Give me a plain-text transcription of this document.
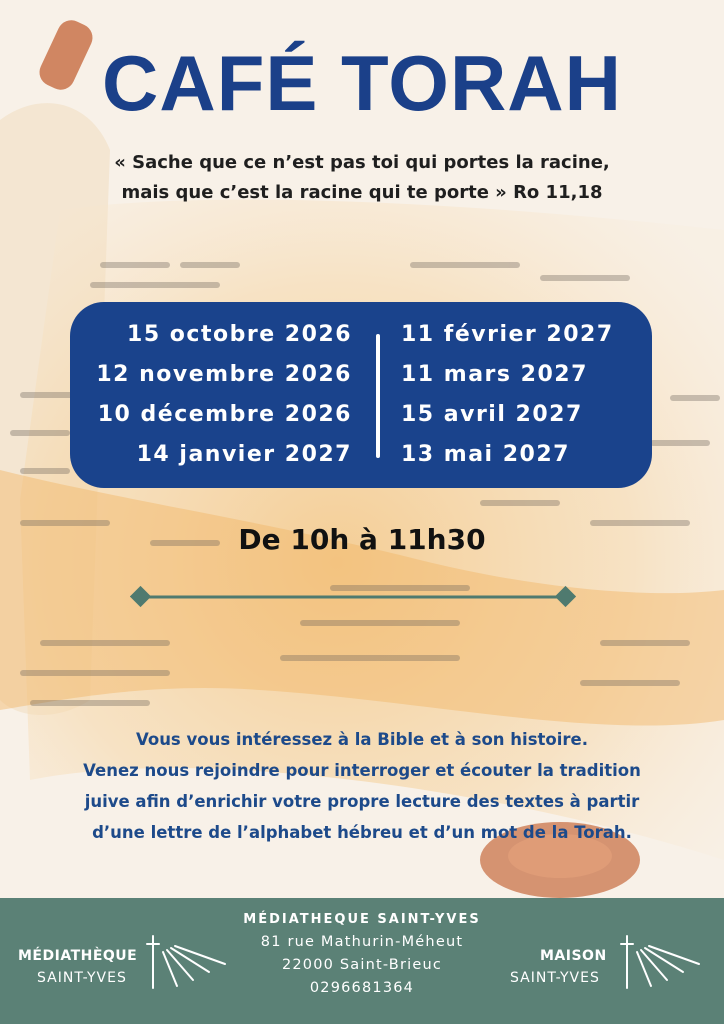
CAFÉ TORAH
« Sache que ce n’est pas toi qui portes la racine,
mais que c’est la racine qui te porte » Ro 11,18
15 octobre 2026
12 novembre 2026
10 décembre 2026
14 janvier 2027
11 février 2027
11 mars 2027
15 avril 2027
13 mai 2027
De 10h à 11h30
Vous vous intéressez à la Bible et à son histoire.
Venez nous rejoindre pour interroger et écouter la tradition
juive afin d’enrichir votre propre lecture des textes à partir
d’une lettre de l’alphabet hébreu et d’un mot de la Torah.
MÉDIATHEQUE SAINT-YVES
81 rue Mathurin-Méheut
22000 Saint-Brieuc
0296681364
MÉDIATHÈQUE
SAINT-YVES
MAISON
SAINT-YVES
